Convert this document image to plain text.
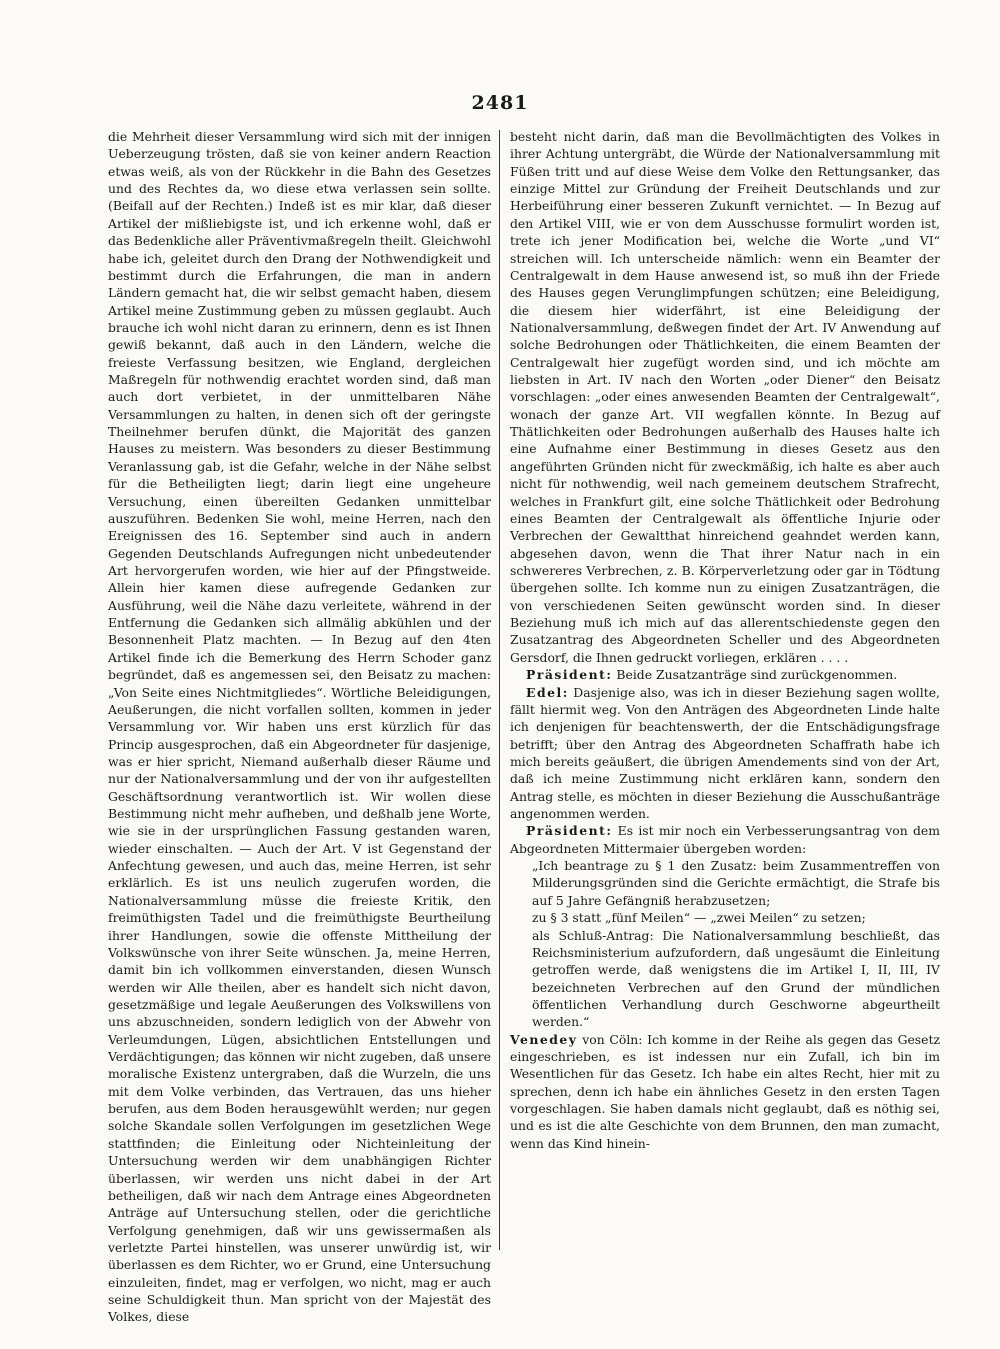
2481
die Mehrheit dieser Versammlung wird sich mit der innigen Ueberzeugung trösten, daß sie von keiner andern Reaction etwas weiß, als von der Rückkehr in die Bahn des Gesetzes und des Rechtes da, wo diese etwa verlassen sein sollte. (Beifall auf der Rechten.) Indeß ist es mir klar, daß dieser Artikel der mißliebigste ist, und ich erkenne wohl, daß er das Bedenkliche aller Präventivmaßregeln theilt. Gleichwohl habe ich, geleitet durch den Drang der Nothwendigkeit und bestimmt durch die Erfahrungen, die man in andern Ländern gemacht hat, die wir selbst gemacht haben, diesem Artikel meine Zustimmung geben zu müssen geglaubt. Auch brauche ich wohl nicht daran zu erinnern, denn es ist Ihnen gewiß bekannt, daß auch in den Ländern, welche die freieste Verfassung besitzen, wie England, dergleichen Maßregeln für nothwendig erachtet worden sind, daß man auch dort verbietet, in der unmittelbaren Nähe Versammlungen zu halten, in denen sich oft der geringste Theilnehmer berufen dünkt, die Majorität des ganzen Hauses zu meistern. Was besonders zu dieser Bestimmung Veranlassung gab, ist die Gefahr, welche in der Nähe selbst für die Betheiligten liegt; darin liegt eine ungeheure Versuchung, einen übereilten Gedanken unmittelbar auszuführen. Bedenken Sie wohl, meine Herren, nach den Ereignissen des 16. September sind auch in andern Gegenden Deutschlands Aufregungen nicht unbedeutender Art hervorgerufen worden, wie hier auf der Pfingstweide. Allein hier kamen diese aufregende Gedanken zur Ausführung, weil die Nähe dazu verleitete, während in der Entfernung die Gedanken sich allmälig abkühlen und der Besonnenheit Platz machten. — In Bezug auf den 4ten Artikel finde ich die Bemerkung des Herrn Schoder ganz begründet, daß es angemessen sei, den Beisatz zu machen: „Von Seite eines Nichtmitgliedes“. Wörtliche Beleidigungen, Aeußerungen, die nicht vorfallen sollten, kommen in jeder Versammlung vor. Wir haben uns erst kürzlich für das Princip ausgesprochen, daß ein Abgeordneter für dasjenige, was er hier spricht, Niemand außerhalb dieser Räume und nur der Nationalversammlung und der von ihr aufgestellten Geschäftsordnung verantwortlich ist. Wir wollen diese Bestimmung nicht mehr aufheben, und deßhalb jene Worte, wie sie in der ursprünglichen Fassung gestanden waren, wieder einschalten. — Auch der Art. V ist Gegenstand der Anfechtung gewesen, und auch das, meine Herren, ist sehr erklärlich. Es ist uns neulich zugerufen worden, die Nationalversammlung müsse die freieste Kritik, den freimüthigsten Tadel und die freimüthigste Beurtheilung ihrer Handlungen, sowie die offenste Mittheilung der Volkswünsche von ihrer Seite wünschen. Ja, meine Herren, damit bin ich vollkommen einverstanden, diesen Wunsch werden wir Alle theilen, aber es handelt sich nicht davon, gesetzmäßige und legale Aeußerungen des Volkswillens von uns abzuschneiden, sondern lediglich von der Abwehr von Verleumdungen, Lügen, absichtlichen Entstellungen und Verdächtigungen; das können wir nicht zugeben, daß unsere moralische Existenz untergraben, daß die Wurzeln, die uns mit dem Volke verbinden, das Vertrauen, das uns hieher berufen, aus dem Boden herausgewühlt werden; nur gegen solche Skandale sollen Verfolgungen im gesetzlichen Wege stattfinden; die Einleitung oder Nichteinleitung der Untersuchung werden wir dem unabhängigen Richter überlassen, wir werden uns nicht dabei in der Art betheiligen, daß wir nach dem Antrage eines Abgeordneten Anträge auf Untersuchung stellen, oder die gerichtliche Verfolgung genehmigen, daß wir uns gewissermaßen als verletzte Partei hinstellen, was unserer unwürdig ist, wir überlassen es dem Richter, wo er Grund, eine Untersuchung einzuleiten, findet, mag er verfolgen, wo nicht, mag er auch seine Schuldigkeit thun. Man spricht von der Majestät des Volkes, diese
besteht nicht darin, daß man die Bevollmächtigten des Volkes in ihrer Achtung untergräbt, die Würde der Nationalversammlung mit Füßen tritt und auf diese Weise dem Volke den Rettungsanker, das einzige Mittel zur Gründung der Freiheit Deutschlands und zur Herbeiführung einer besseren Zukunft vernichtet. — In Bezug auf den Artikel VIII, wie er von dem Ausschusse formulirt worden ist, trete ich jener Modification bei, welche die Worte „und VI“ streichen will. Ich unterscheide nämlich: wenn ein Beamter der Centralgewalt in dem Hause anwesend ist, so muß ihn der Friede des Hauses gegen Verunglimpfungen schützen; eine Beleidigung, die diesem hier widerfährt, ist eine Beleidigung der Nationalversammlung, deßwegen findet der Art. IV Anwendung auf solche Bedrohungen oder Thätlichkeiten, die einem Beamten der Centralgewalt hier zugefügt worden sind, und ich möchte am liebsten in Art. IV nach den Worten „oder Diener“ den Beisatz vorschlagen: „oder eines anwesenden Beamten der Centralgewalt“, wonach der ganze Art. VII wegfallen könnte. In Bezug auf Thätlichkeiten oder Bedrohungen außerhalb des Hauses halte ich eine Aufnahme einer Bestimmung in dieses Gesetz aus den angeführten Gründen nicht für zweckmäßig, ich halte es aber auch nicht für nothwendig, weil nach gemeinem deutschem Strafrecht, welches in Frankfurt gilt, eine solche Thätlichkeit oder Bedrohung eines Beamten der Centralgewalt als öffentliche Injurie oder Verbrechen der Gewaltthat hinreichend geahndet werden kann, abgesehen davon, wenn die That ihrer Natur nach in ein schwereres Verbrechen, z. B. Körperverletzung oder gar in Tödtung übergehen sollte. Ich komme nun zu einigen Zusatzanträgen, die von verschiedenen Seiten gewünscht worden sind. In dieser Beziehung muß ich mich auf das allerentschiedenste gegen den Zusatzantrag des Abgeordneten Scheller und des Abgeordneten Gersdorf, die Ihnen gedruckt vorliegen, erklären . . . .
Präsident: Beide Zusatzanträge sind zurückgenommen.
Edel: Dasjenige also, was ich in dieser Beziehung sagen wollte, fällt hiermit weg. Von den Anträgen des Abgeordneten Linde halte ich denjenigen für beachtenswerth, der die Entschädigungsfrage betrifft; über den Antrag des Abgeordneten Schaffrath habe ich mich bereits geäußert, die übrigen Amendements sind von der Art, daß ich meine Zustimmung nicht erklären kann, sondern den Antrag stelle, es möchten in dieser Beziehung die Ausschußanträge angenommen werden.
Präsident: Es ist mir noch ein Verbesserungsantrag von dem Abgeordneten Mittermaier übergeben worden:
„Ich beantrage zu § 1 den Zusatz: beim Zusammentreffen von Milderungsgründen sind die Gerichte ermächtigt, die Strafe bis auf 5 Jahre Gefängniß herabzusetzen;
zu § 3 statt „fünf Meilen“ — „zwei Meilen“ zu setzen;
als Schluß-Antrag: Die Nationalversammlung beschließt, das Reichsministerium aufzufordern, daß ungesäumt die Einleitung getroffen werde, daß wenigstens die im Artikel I, II, III, IV bezeichneten Verbrechen auf den Grund der mündlichen öffentlichen Verhandlung durch Geschworne abgeurtheilt werden.“
Venedey von Cöln: Ich komme in der Reihe als gegen das Gesetz eingeschrieben, es ist indessen nur ein Zufall, ich bin im Wesentlichen für das Gesetz. Ich habe ein altes Recht, hier mit zu sprechen, denn ich habe ein ähnliches Gesetz in den ersten Tagen vorgeschlagen. Sie haben damals nicht geglaubt, daß es nöthig sei, und es ist die alte Geschichte von dem Brunnen, den man zumacht, wenn das Kind hinein-
